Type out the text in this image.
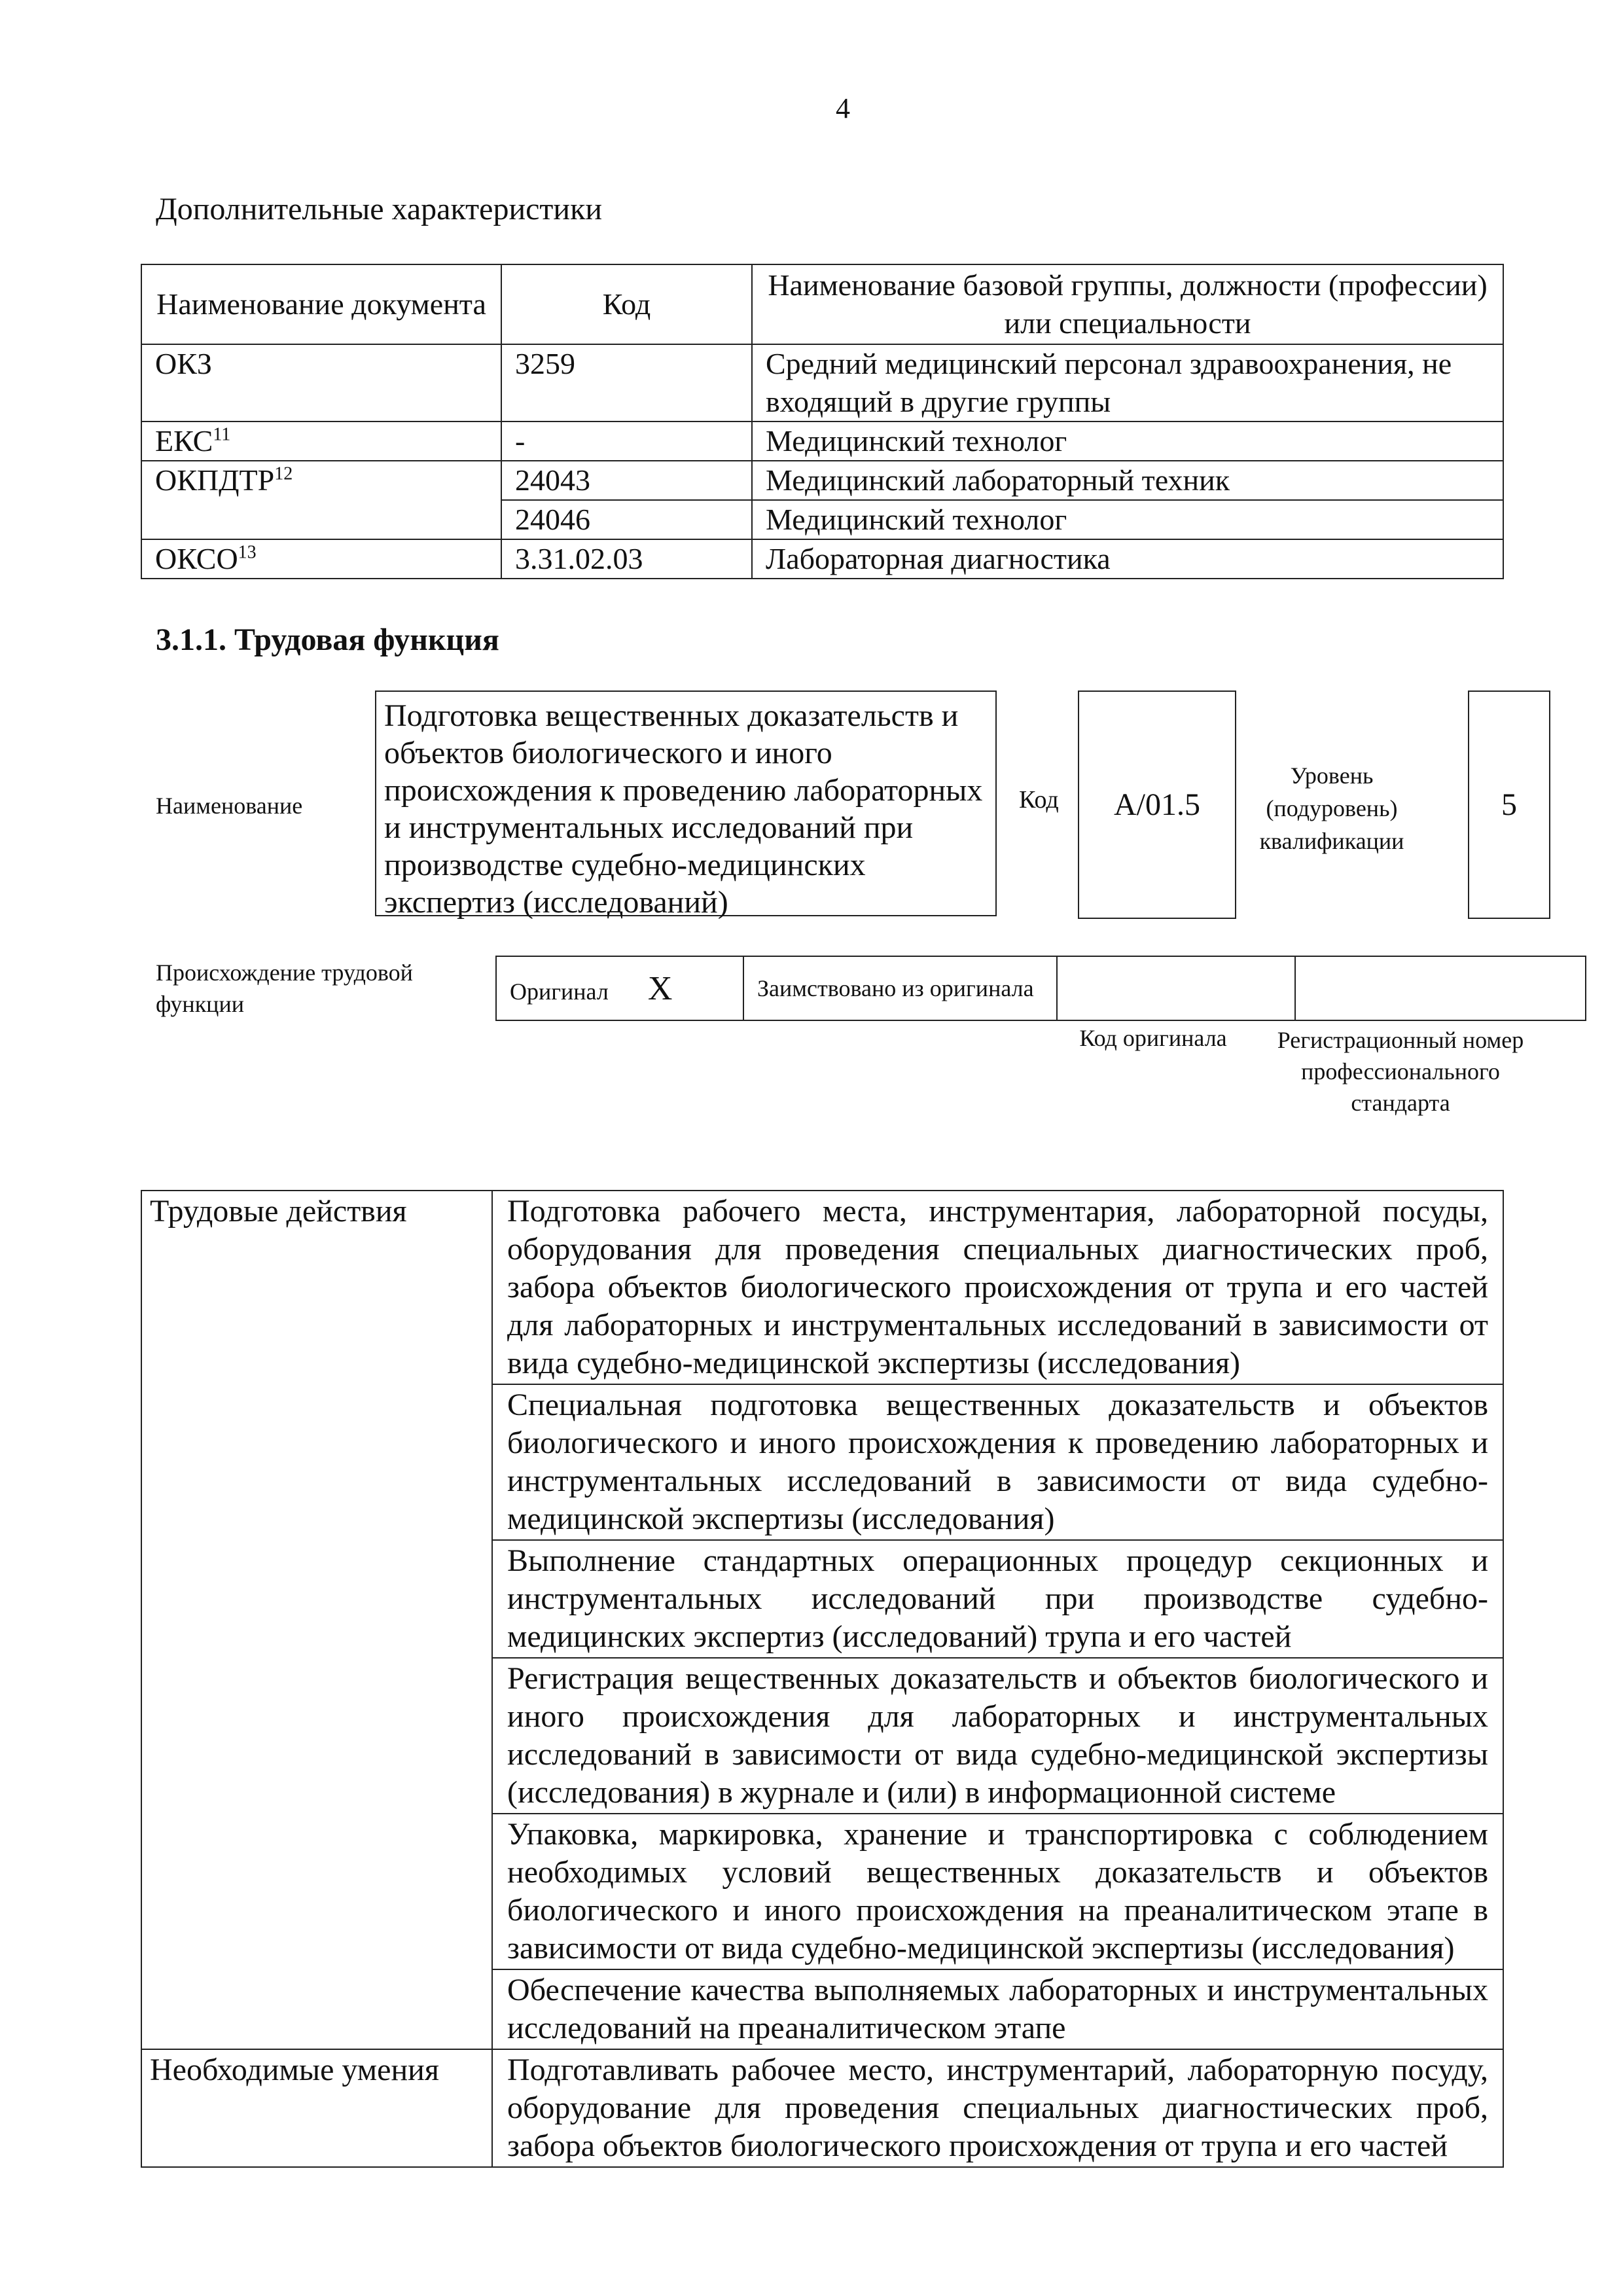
4
Дополнительные характеристики
Наименование документа	Код	Наименование базовой группы, должности (профессии) или специальности
ОКЗ	3259	Средний медицинский персонал здравоохранения, не входящий в другие группы
ЕКС$^{11}$	-	Медицинский технолог
ОКПДТР$^{12}$	24043	Медицинский лабораторный техник
	24046	Медицинский технолог
ОКСО$^{13}$	3.31.02.03	Лабораторная диагностика
3.1.1. Трудовая функция
Наименование
Подготовка вещественных доказательств и объектов биологического и иного происхождения к проведению лабораторных и инструментальных исследований при производстве судебно-медицинских экспертиз (исследований)
Код	А/01.5
Уровень (подуровень) квалификации
5
Происхождение трудовой функции	Оригинал Х	Заимствовано из оригинала		
Код оригинала	Регистрационный номер профессионального стандарта
Трудовые действия	Подготовка рабочего места, инструментария, лабораторной посуды, оборудования для проведения специальных диагностических проб, забора объектов биологического происхождения от трупа и его частей для лабораторных и инструментальных исследований в зависимости от вида судебно-медицинской экспертизы (исследования)
	Специальная подготовка вещественных доказательств и объектов биологического и иного происхождения к проведению лабораторных и инструментальных исследований в зависимости от вида судебно-медицинской экспертизы (исследования)
	Выполнение стандартных операционных процедур секционных и инструментальных исследований при производстве судебно-медицинских экспертиз (исследований) трупа и его частей
	Регистрация вещественных доказательств и объектов биологического и иного происхождения для лабораторных и инструментальных исследований в зависимости от вида судебно-медицинской экспертизы (исследования) в журнале и (или) в информационной системе
	Упаковка, маркировка, хранение и транспортировка с соблюдением необходимых условий вещественных доказательств и объектов биологического и иного происхождения на преаналитическом этапе в зависимости от вида судебно-медицинской экспертизы (исследования)
	Обеспечение качества выполняемых лабораторных и инструментальных исследований на преаналитическом этапе
Необходимые умения	Подготавливать рабочее место, инструментарий, лабораторную посуду, оборудование для проведения специальных диагностических проб, забора объектов биологического происхождения от трупа и его частей
